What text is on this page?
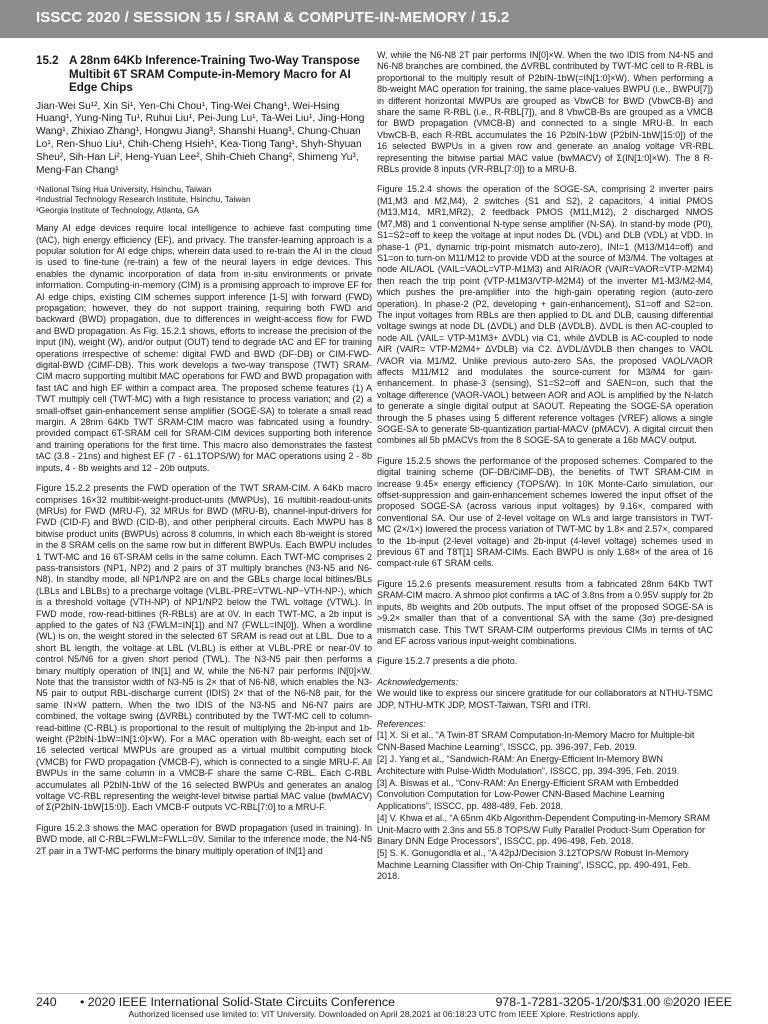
ISSCC 2020 / SESSION 15 / SRAM & COMPUTE-IN-MEMORY / 15.2
15.2 A 28nm 64Kb Inference-Training Two-Way Transpose Multibit 6T SRAM Compute-in-Memory Macro for AI Edge Chips
Jian-Wei Su¹², Xin Si¹, Yen-Chi Chou¹, Ting-Wei Chang¹, Wei-Hsing Huang¹, Yung-Ning Tu¹, Ruhui Liu¹, Pei-Jung Lu¹, Ta-Wei Liu¹, Jing-Hong Wang¹, Zhixiao Zhang¹, Hongwu Jiang³, Shanshi Huang³, Chung-Chuan Lo¹, Ren-Shuo Liu¹, Chih-Cheng Hsieh¹, Kea-Tiong Tang¹, Shyh-Shyuan Sheu², Sih-Han Li², Heng-Yuan Lee², Shih-Chieh Chang², Shimeng Yu³, Meng-Fan Chang¹
¹National Tsing Hua University, Hsinchu, Taiwan
²Industrial Technology Research Institute, Hsinchu, Taiwan
³Georgia Institute of Technology, Atlanta, GA

Many AI edge devices require local intelligence to achieve fast computing time (tAC), high energy efficiency (EF), and privacy. The transfer-learning approach is a popular solution for AI edge chips, wherein data used to re-train the AI in the cloud is used to fine-tune (re-train) a few of the neural layers in edge devices. This enables the dynamic incorporation of data from in-situ environments or private information. Computing-in-memory (CIM) is a promising approach to improve EF for AI edge chips, existing CIM schemes support inference [1-5] with forward (FWD) propagation; however, they do not support training, requiring both FWD and backward (BWD) propagation, due to differences in weight-access flow for FWD and BWD propagation. As Fig. 15.2.1 shows, efforts to increase the precision of the input (IN), weight (W), and/or output (OUT) tend to degrade tAC and EF for training operations irrespective of scheme: digital FWD and BWD (DF-DB) or CIM-FWD-digital-BWD (CiMF-DB). This work develops a two-way transpose (TWT) SRAM-CIM macro supporting multibit MAC operations for FWD and BWD propagation with fast tAC and high EF within a compact area. The proposed scheme features (1) A TWT multiply cell (TWT-MC) with a high resistance to process variation; and (2) a small-offset gain-enhancement sense amplifier (SOGE-SA) to tolerate a small read margin. A 28nm 64Kb TWT SRAM-CIM macro was fabricated using a foundry-provided compact 6T-SRAM cell for SRAM-CIM devices supporting both inference and training operations for the first time. This macro also demonstrates the fastest tAC (3.8 - 21ns) and highest EF (7 - 61.1TOPS/W) for MAC operations using 2 - 8b inputs, 4 - 8b weights and 12 - 20b outputs.

Figure 15.2.2 presents the FWD operation of the TWT SRAM-CIM. A 64Kb macro comprises 16×32 multibit-weight-product-units (MWPUs), 16 multibit-readout-units (MRUs) for FWD (MRU-F), 32 MRUs for BWD (MRU-B), channel-input-drivers for FWD (CID-F) and BWD (CID-B), and other peripheral circuits. Each MWPU has 8 bitwise product units (BWPUs) across 8 columns, in which each 8b-weight is stored in the 8 SRAM cells on the same row but in different BWPUs. Each BWPU includes 1 TWT-MC and 16 6T-SRAM cells in the same column. Each TWT-MC comprises 2 pass-transistors (NP1, NP2) and 2 pairs of 3T multiply branches (N3-N5 and N6-N8). In standby mode, all NP1/NP2 are on and the GBLs charge local bitlines/BLs (LBLs and LBLBs) to a precharge voltage (VLBL-PRE=VTWL-NP−VTH-NP-), which is a threshold voltage (VTH-NP) of NP1/NP2 below the TWL voltage (VTWL). In FWD mode, row-read-bitlines (R-RBLs) are at 0V. In each TWT-MC, a 2b input is applied to the gates of N3 (FWLM=IN[1]) and N7 (FWLL=IN[0]). When a wordline (WL) is on, the weight stored in the selected 6T SRAM is read out at LBL. Due to a short BL length, the voltage at LBL (VLBL) is either at VLBL-PRE or near-0V to control N5/N6 for a given short period (TWL). The N3-N5 pair then performs a binary multiply operation of IN[1] and W, while the N6-N7 pair performs IN[0]×W. Note that the transistor width of N3-N5 is 2× that of N6-N8, which enables the N3-N5 pair to output RBL-discharge current (IDIS) 2× that of the N6-N8 pair, for the same IN×W pattern. When the two IDIS of the N3-N5 and N6-N7 pairs are combined, the voltage swing (ΔVRBL) contributed by the TWT-MC cell to column-read-bitline (C-RBL) is proportional to the result of multiplying the 2b-input and 1b-weight (P2bIN-1bW=IN[1:0]×W). For a MAC operation with 8b-weight, each set of 16 selected vertical MWPUs are grouped as a virtual multibit computing block (VMCB) for FWD propagation (VMCB-F), which is connected to a single MRU-F. All BWPUs in the same column in a VMCB-F share the same C-RBL. Each C-RBL accumulates all P2bIN-1bW of the 16 selected BWPUs and generates an analog voltage VC-RBL representing the weight-level bitwise partial MAC value (bwMACV) of Σ(P2bIN-1bW[15:0]). Each VMCB-F outputs VC-RBL[7:0] to a MRU-F.

Figure 15.2.3 shows the MAC operation for BWD propagation (used in training). In BWD mode, all C-RBL=FWLM=FWLL=0V. Similar to the inference mode, the N4-N5 2T pair in a TWT-MC performs the binary multiply operation of IN[1] and

W, while the N6-N8 2T pair performs IN[0]×W. When the two IDIS from N4-N5 and N6-N8 branches are combined, the ΔVRBL contributed by TWT-MC cell to R-RBL is proportional to the multiply result of P2bIN-1bW(=IN[1:0]×W). When performing a 8b-weight MAC operation for training, the same place-values BWPU (i.e., BWPU[7]) in different horizontal MWPUs are grouped as VbwCB for BWD (VbwCB-B) and share the same R-RBL (i.e., R-RBL[7]), and 8 VbwCB-Bs are grouped as a VMCB for BWD propagation (VMCB-B) and connected to a single MRU-B. In each VbwCB-B, each R-RBL accumulates the 16 P2bIN-1bW (P2bIN-1bW[15:0]) of the 16 selected BWPUs in a given row and generate an analog voltage VR-RBL representing the bitwise partial MAC value (bwMACV) of Σ(IN[1:0]×W). The 8 R-RBLs provide 8 inputs (VR-RBL[7:0]) to a MRU-B.

Figure 15.2.4 shows the operation of the SOGE-SA, comprising 2 inverter pairs (M1,M3 and M2,M4), 2 switches (S1 and S2), 2 capacitors, 4 initial PMOS (M13,M14, MR1,MR2), 2 feedback PMOS (M11,M12), 2 discharged NMOS (M7,M8) and 1 conventional N-type sense amplifier (N-SA). In stand-by mode (P0), S1=S2=off to keep the voltage at input nodes DL (VDL) and DLB (VDL) at VDD. In phase-1 (P1, dynamic trip-point mismatch auto-zero), INI=1 (M13/M14=off) and S1=on to turn-on M11/M12 to provide VDD at the source of M3/M4. The voltages at node AIL/AOL (VAIL=VAOL=VTP-M1M3) and AIR/AOR (VAIR=VAOR=VTP-M2M4) then reach the trip point (VTP-M1M3/VTP-M2M4) of the inverter M1-M3/M2-M4, which pushes the pre-amplifier into the high-gain operating region (auto-zero operation). In phase-2 (P2, developing + gain-enhancement), S1=off and S2=on. The input voltages from RBLs are then applied to DL and DLB, causing differential voltage swings at node DL (ΔVDL) and DLB (ΔVDLB). ΔVDL is then AC-coupled to node AIL (VAIL= VTP-M1M3+ ΔVDL) via C1, while ΔVDLB is AC-coupled to node AIR (VAIR= VTP-M2M4+ ΔVDLB) via C2. ΔVDL/ΔVDLB then changes to VAOL /VAOR via M1/M2. Unlike previous auto-zero SAs, the proposed VAOL/VAOR affects M11/M12 and modulates the source-current for M3/M4 for gain-enhancement. In phase-3 (sensing), S1=S2=off and SAEN=on, such that the voltage difference (VAOR-VAOL) between AOR and AOL is amplified by the N-latch to generate a single digital output at SAOUT. Repeating the SOGE-SA operation through the 5 phases using 5 different reference voltages (VREF) allows a single SOGE-SA to generate 5b-quantization partial-MACV (pMACV). A digital circuit then combines all 5b pMACVs from the 8 SOGE-SA to generate a 16b MACV output.

Figure 15.2.5 shows the performance of the proposed schemes. Compared to the digital training scheme (DF-DB/CiMF-DB), the benefits of TWT SRAM-CIM in increase 9.45× energy efficiency (TOPS/W). In 10K Monte-Carlo simulation, our offset-suppression and gain-enhancement schemes lowered the input offset of the proposed SOGE-SA (across various input voltages) by 9.16×, compared with conventional SA. Our use of 2-level voltage on WLs and large transistors in TWT-MC (2×/1×) lowered the process variation of TWT-MC by 1.8× and 2.57×, compared to the 1b-input (2-level voltage) and 2b-input (4-level voltage) schemes used in previous 6T and T8T[1] SRAM-CIMs. Each BWPU is only 1.68× of the area of 16 compact-rule 6T SRAM cells.

Figure 15.2.6 presents measurement results from a fabricated 28nm 64Kb TWT SRAM-CIM macro. A shmoo plot confirms a tAC of 3.8ns from a 0.95V supply for 2b inputs, 8b weights and 20b outputs. The input offset of the proposed SOGE-SA is >9.2× smaller than that of a conventional SA with the same (3σ) pre-designed mismatch case. This TWT SRAM-CIM outperforms previous CIMs in terms of tAC and EF across various input-weight combinations.

Figure 15.2.7 presents a die photo.

Acknowledgements:

We would like to express our sincere gratitude for our collaborators at NTHU-TSMC JDP, NTHU-MTK JDP, MOST-Taiwan, TSRI and ITRI.

References:

[1] X. Si et al., “A Twin-8T SRAM Computation-In-Memory Macro for Multiple-bit CNN-Based Machine Learning”, ISSCC, pp. 396-397, Feb. 2019.

[2] J. Yang et al., “Sandwich-RAM: An Energy-Efficient In-Memory BWN Architecture with Pulse-Width Modulation”, ISSCC, pp. 394-395, Feb. 2019.

[3] A. Biswas et al., “Conv-RAM: An Energy-Efficient SRAM with Embedded Convolution Computation for Low-Power CNN-Based Machine Learning Applications”, ISSCC, pp. 488-489, Feb. 2018.

[4] V. Khwa et al., “A 65nm 4Kb Algorithm-Dependent Computing-in-Memory SRAM Unit-Macro with 2.3ns and 55.8 TOPS/W Fully Parallel Product-Sum Operation for Binary DNN Edge Processors”, ISSCC, pp. 496-498, Feb. 2018.

[5] S. K. Gonugondla et al., “A 42pJ/Decision 3.12TOPS/W Robust In-Memory Machine Learning Classifier with On-Chip Training”, ISSCC, pp. 490-491, Feb. 2018.

240 • 2020 IEEE International Solid-State Circuits Conference	978-1-7281-3205-1/20/$31.00 ©2020 IEEE
Authorized licensed use limited to: VIT University. Downloaded on April 28,2021 at 06:18:23 UTC from IEEE Xplore. Restrictions apply.
